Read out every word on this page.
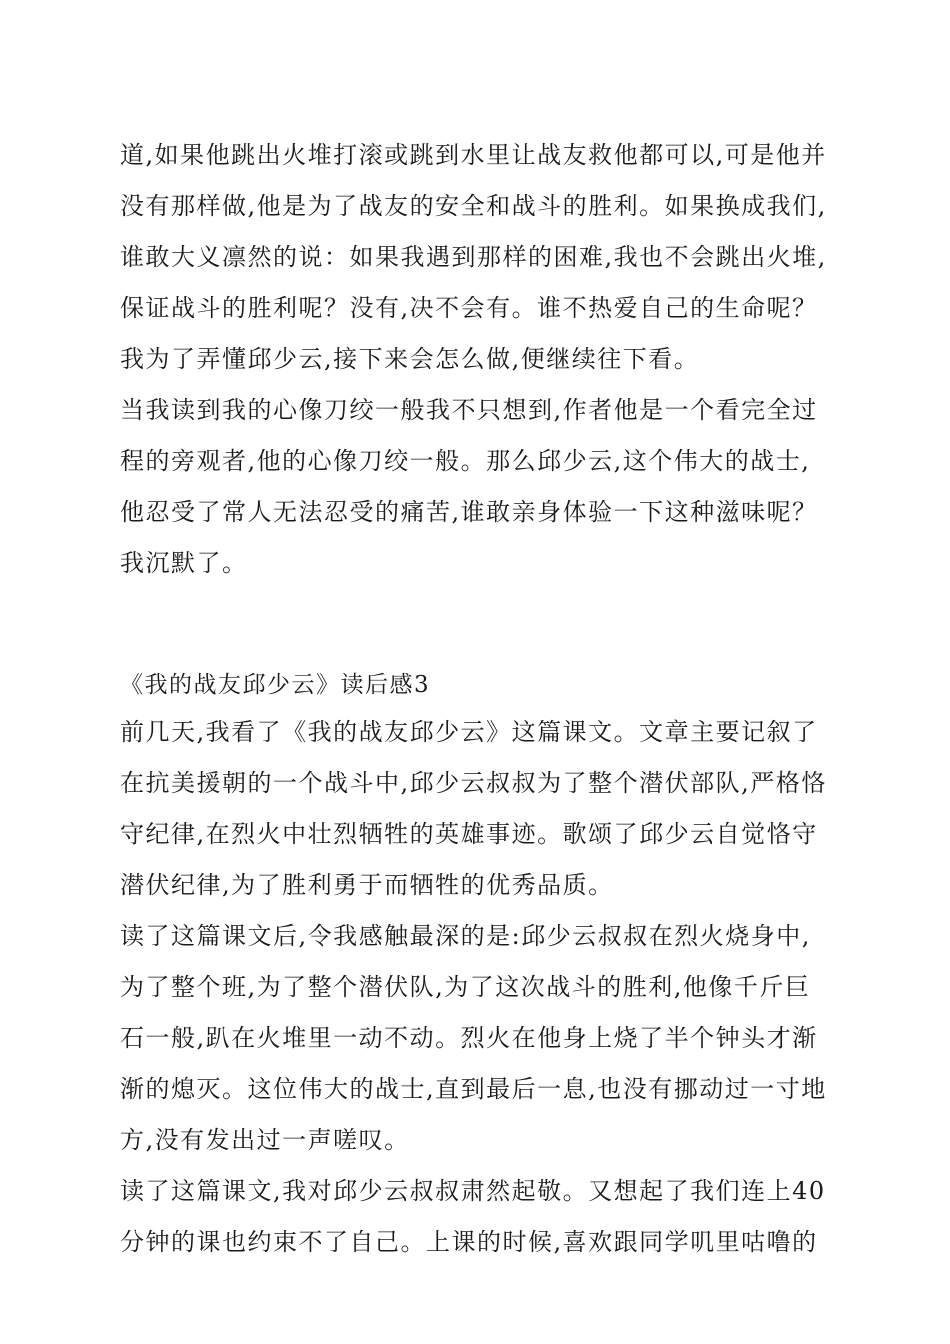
道,如果他跳出火堆打滚或跳到水里让战友救他都可以,可是他并
没有那样做,他是为了战友的安全和战斗的胜利。如果换成我们,
谁敢大义凛然的说：如果我遇到那样的困难,我也不会跳出火堆,
保证战斗的胜利呢？没有,决不会有。谁不热爱自己的生命呢？
我为了弄懂邱少云,接下来会怎么做,便继续往下看。
当我读到我的心像刀绞一般我不只想到,作者他是一个看完全过
程的旁观者,他的心像刀绞一般。那么邱少云,这个伟大的战士,
他忍受了常人无法忍受的痛苦,谁敢亲身体验一下这种滋味呢？
我沉默了。
《我的战友邱少云》读后感3
前几天,我看了《我的战友邱少云》这篇课文。文章主要记叙了
在抗美援朝的一个战斗中,邱少云叔叔为了整个潜伏部队,严格恪
守纪律,在烈火中壮烈牺牲的英雄事迹。歌颂了邱少云自觉恪守
潜伏纪律,为了胜利勇于而牺牲的优秀品质。
读了这篇课文后,令我感触最深的是:邱少云叔叔在烈火烧身中,
为了整个班,为了整个潜伏队,为了这次战斗的胜利,他像千斤巨
石一般,趴在火堆里一动不动。烈火在他身上烧了半个钟头才渐
渐的熄灭。这位伟大的战士,直到最后一息,也没有挪动过一寸地
方,没有发出过一声嗟叹。
读了这篇课文,我对邱少云叔叔肃然起敬。又想起了我们连上40
分钟的课也约束不了自己。上课的时候,喜欢跟同学叽里咕噜的
